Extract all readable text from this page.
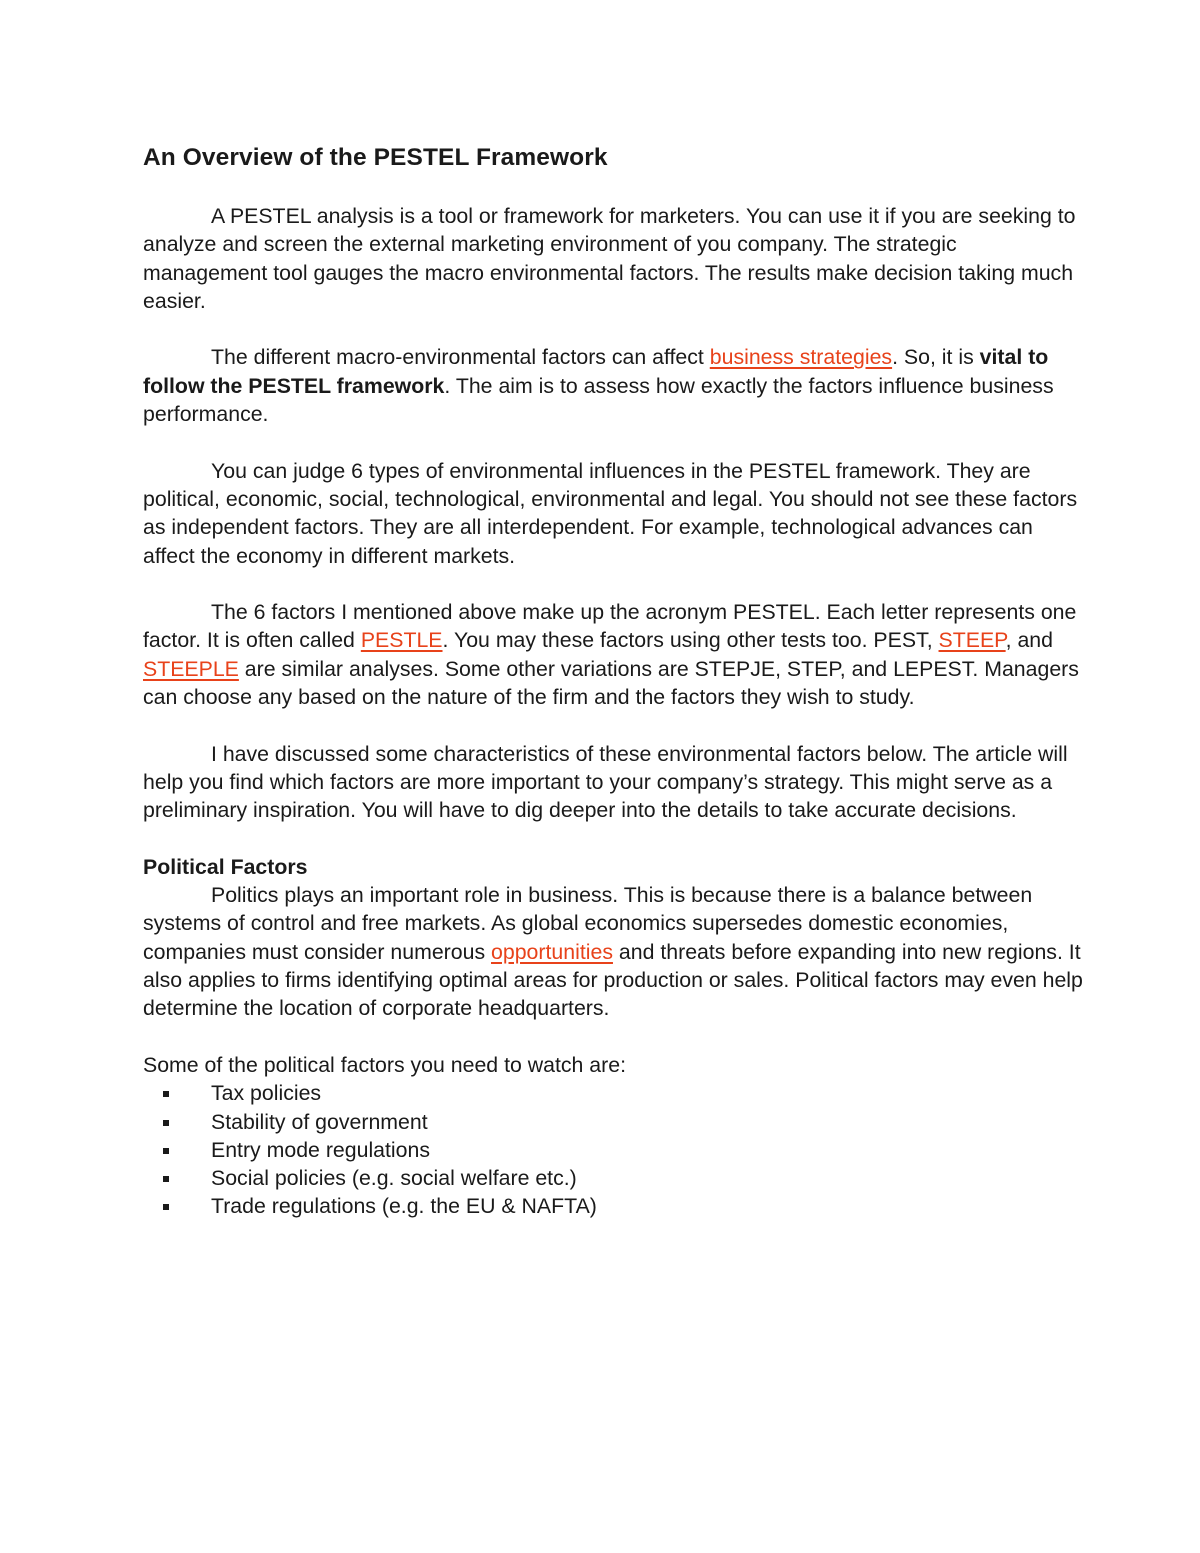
An Overview of the PESTEL Framework

A PESTEL analysis is a tool or framework for marketers. You can use it if you are seeking to analyze and screen the external marketing environment of you company. The strategic management tool gauges the macro environmental factors. The results make decision taking much easier.

The different macro-environmental factors can affect business strategies. So, it is vital to follow the PESTEL framework. The aim is to assess how exactly the factors influence business performance.

You can judge 6 types of environmental influences in the PESTEL framework. They are political, economic, social, technological, environmental and legal. You should not see these factors as independent factors. They are all interdependent. For example, technological advances can affect the economy in different markets.

The 6 factors I mentioned above make up the acronym PESTEL. Each letter represents one factor. It is often called PESTLE. You may these factors using other tests too. PEST, STEEP, and STEEPLE are similar analyses. Some other variations are STEPJE, STEP, and LEPEST. Managers can choose any based on the nature of the firm and the factors they wish to study.

I have discussed some characteristics of these environmental factors below. The article will help you find which factors are more important to your company’s strategy. This might serve as a preliminary inspiration. You will have to dig deeper into the details to take accurate decisions.

Political Factors

Politics plays an important role in business. This is because there is a balance between systems of control and free markets. As global economics supersedes domestic economies, companies must consider numerous opportunities and threats before expanding into new regions. It also applies to firms identifying optimal areas for production or sales. Political factors may even help determine the location of corporate headquarters.

Some of the political factors you need to watch are:

Tax policies
Stability of government
Entry mode regulations
Social policies (e.g. social welfare etc.)
Trade regulations (e.g. the EU & NAFTA)
